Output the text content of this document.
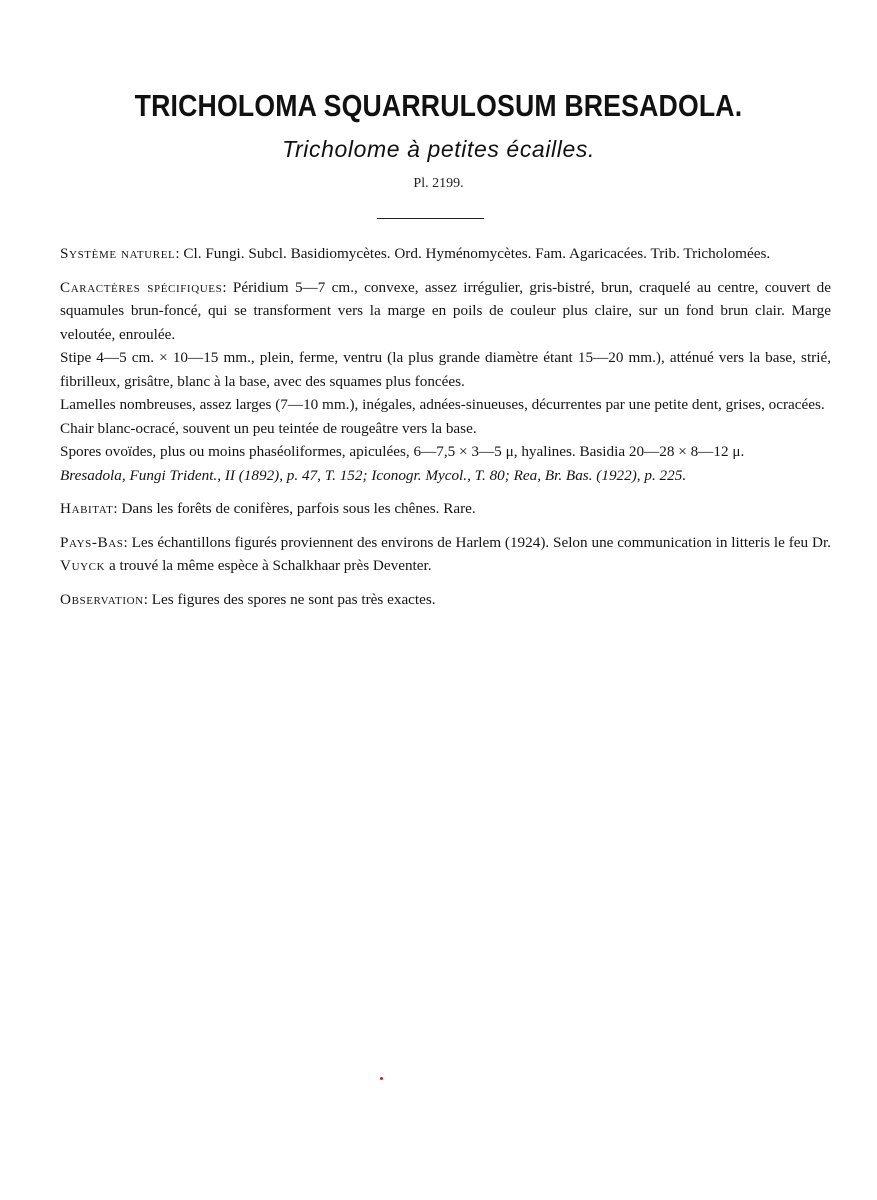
TRICHOLOMA SQUARRULOSUM BRESADOLA.
Tricholome à petites écailles.
Pl. 2199.

Système naturel: Cl. Fungi. Subcl. Basidiomycètes. Ord. Hyménomycètes. Fam. Agaricacées. Trib. Tricholomées.

Caractères spécifiques: Péridium 5—7 cm., convexe, assez irrégulier, gris-bistré, brun, craquelé au centre, couvert de squamules brun-foncé, qui se transforment vers la marge en poils de couleur plus claire, sur un fond brun clair. Marge veloutée, enroulée.

Stipe 4—5 cm. × 10—15 mm., plein, ferme, ventru (la plus grande diamètre étant 15—20 mm.), atténué vers la base, strié, fibrilleux, grisâtre, blanc à la base, avec des squames plus foncées.

Lamelles nombreuses, assez larges (7—10 mm.), inégales, adnées-sinueuses, décurrentes par une petite dent, grises, ocracées.

Chair blanc-ocracé, souvent un peu teintée de rougeâtre vers la base.

Spores ovoïdes, plus ou moins phaséoliformes, apiculées, 6—7,5 × 3—5 μ, hyalines. Basidia 20—28 × 8—12 μ.

Bresadola, Fungi Trident., II (1892), p. 47, T. 152; Iconogr. Mycol., T. 80; Rea, Br. Bas. (1922), p. 225.

Habitat: Dans les forêts de conifères, parfois sous les chênes. Rare.

Pays-Bas: Les échantillons figurés proviennent des environs de Harlem (1924). Selon une communication in litteris le feu Dr. Vuyck a trouvé la même espèce à Schalkhaar près Deventer.

Observation: Les figures des spores ne sont pas très exactes.
